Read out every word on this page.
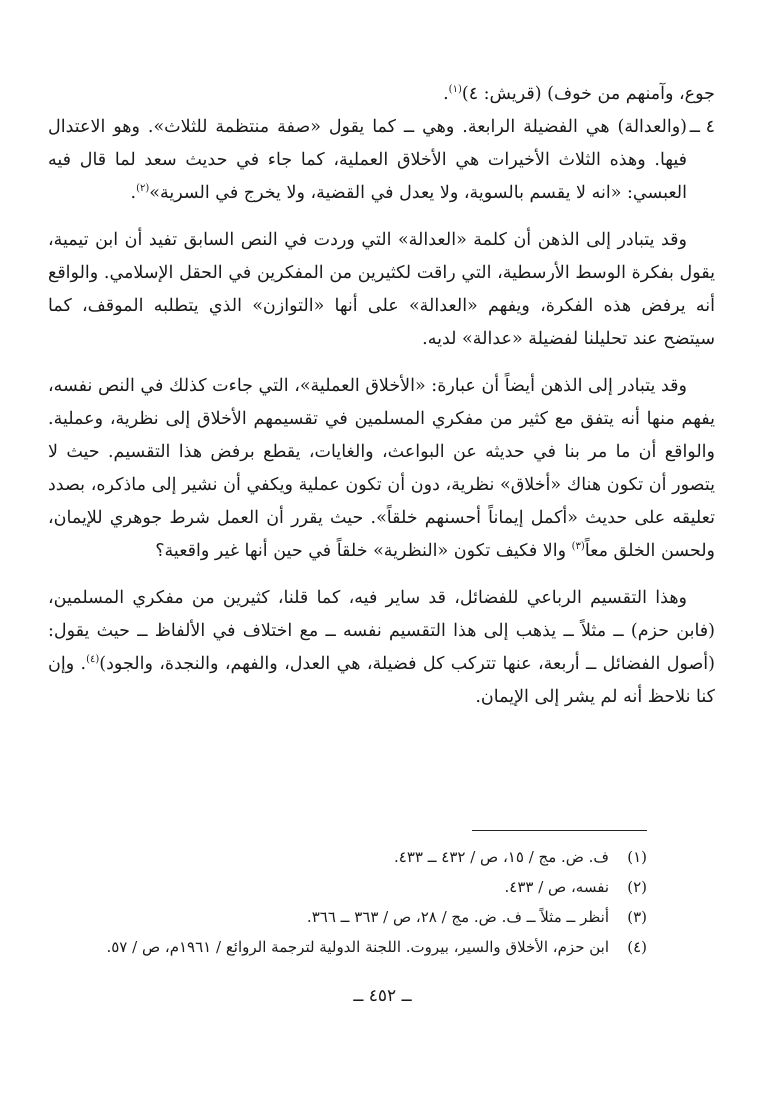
جوع، وآمنهم من خوف) (قريش: ٤)$^{(١)}$.

٤ ــ
(والعدالة) هي الفضيلة الرابعة. وهي ــ كما يقول «صفة منتظمة للثلاث». وهو الاعتدال فيها. وهذه الثلاث الأخيرات هي الأخلاق العملية، كما جاء في حديث سعد لما قال فيه العبسي: «انه لا يقسم بالسوية، ولا يعدل في القضية، ولا يخرج في السرية»$^{(٢)}$.

وقد يتبادر إلى الذهن أن كلمة «العدالة» التي وردت في النص السابق تفيد أن ابن تيمية، يقول بفكرة الوسط الأرسطية، التي راقت لكثيرين من المفكرين في الحقل الإسلامي. والواقع أنه يرفض هذه الفكرة، ويفهم «العدالة» على أنها «التوازن» الذي يتطلبه الموقف، كما سيتضح عند تحليلنا لفضيلة «عدالة» لديه.

وقد يتبادر إلى الذهن أيضاً أن عبارة: «الأخلاق العملية»، التي جاءت كذلك في النص نفسه، يفهم منها أنه يتفق مع كثير من مفكري المسلمين في تقسيمهم الأخلاق إلى نظرية، وعملية. والواقع أن ما مر بنا في حديثه عن البواعث، والغايات، يقطع برفض هذا التقسيم. حيث لا يتصور أن تكون هناك «أخلاق» نظرية، دون أن تكون عملية ويكفي أن نشير إلى ماذكره، بصدد تعليقه على حديث «أكمل إيماناً أحسنهم خلقاً». حيث يقرر أن العمل شرط جوهري للإيمان، ولحسن الخلق معاً$^{(٣)}$ والا فكيف تكون «النظرية» خلقاً في حين أنها غير واقعية؟

وهذا التقسيم الرباعي للفضائل، قد ساير فيه، كما قلنا، كثيرين من مفكري المسلمين، (فابن حزم) ــ مثلاً ــ يذهب إلى هذا التقسيم نفسه ــ مع اختلاف في الألفاظ ــ حيث يقول: (أصول الفضائل ــ أربعة، عنها تتركب كل فضيلة، هي العدل، والفهم، والنجدة، والجود)$^{(٤)}$. وإن كنا نلاحظ أنه لم يشر إلى الإيمان.

(١)
ف. ض. مج / ١٥، ص / ٤٣٢ ــ ٤٣٣.
(٢)
نفسه، ص / ٤٣٣.
(٣)
أنظر ــ مثلاً ــ ف. ض. مج / ٢٨، ص / ٣٦٣ ــ ٣٦٦.
(٤)
ابن حزم، الأخلاق والسير، بيروت. اللجنة الدولية لترجمة الروائع / ١٩٦١م، ص / ٥٧.
ــ ٤٥٢ ــ
